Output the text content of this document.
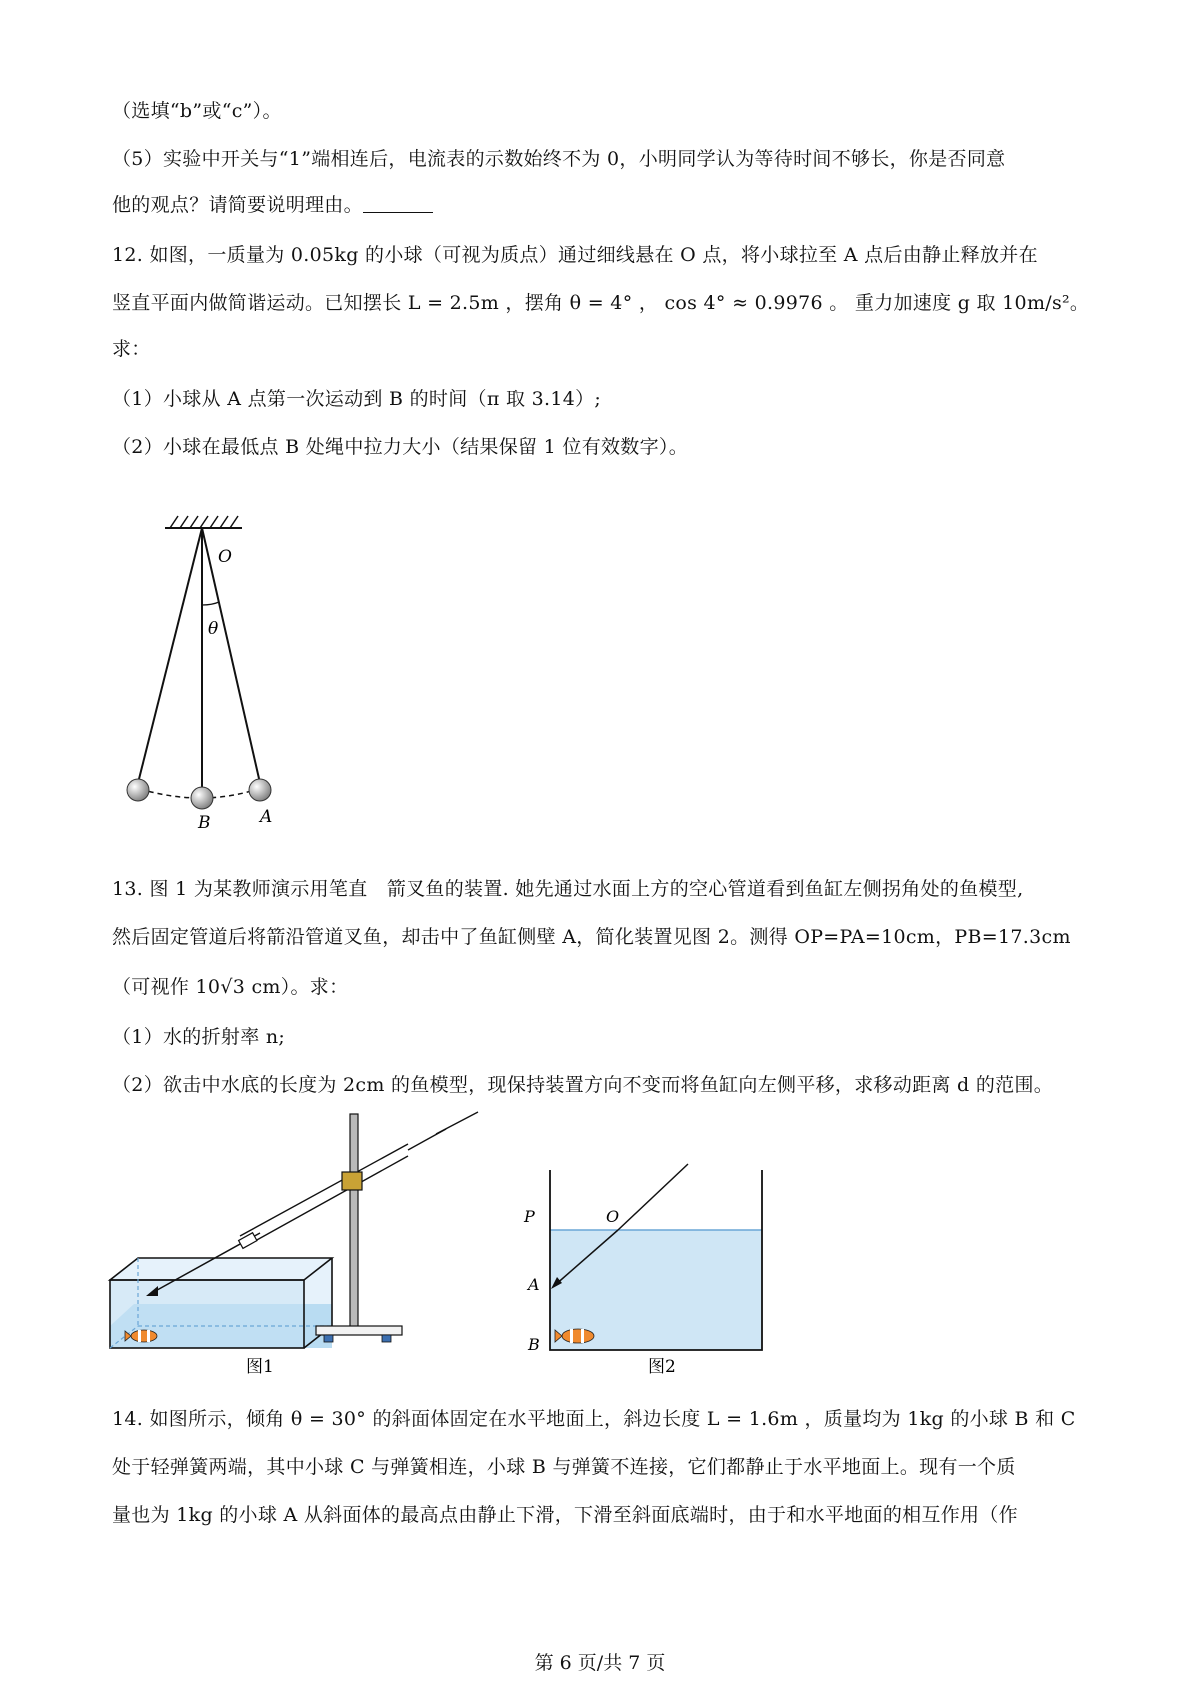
（选填“b”或“c”）。
（5）实验中开关与“1”端相连后，电流表的示数始终不为 0，小明同学认为等待时间不够长，你是否同意
他的观点？请简要说明理由。
12. 如图，一质量为 0.05kg 的小球（可视为质点）通过细线悬在 O 点，将小球拉至 A 点后由静止释放并在
竖直平面内做简谐运动。已知摆长 L = 2.5m ，摆角 θ = 4° ， cos 4° ≈ 0.9976 。 重力加速度 g 取 10m/s²。
求：
（1）小球从 A 点第一次运动到 B 的时间（π 取 3.14）;
（2）小球在最低点 B 处绳中拉力大小（结果保留 1 位有效数字）。
O
θ
A
B
13. 图 1 为某教师演示用笔直　箭叉鱼的装置. 她先通过水面上方的空心管道看到鱼缸左侧拐角处的鱼模型,
然后固定管道后将箭沿管道叉鱼，却击中了鱼缸侧壁 A，简化装置见图 2。测得 OP=PA=10cm，PB=17.3cm
（可视作 10√3 cm）。求：
（1）水的折射率 n;
（2）欲击中水底的长度为 2cm 的鱼模型，现保持装置方向不变而将鱼缸向左侧平移，求移动距离 d 的范围。
图1
P	O
A
B
图2
14. 如图所示，倾角 θ = 30° 的斜面体固定在水平地面上，斜边长度 L = 1.6m ，质量均为 1kg 的小球 B 和 C
处于轻弹簧两端，其中小球 C 与弹簧相连，小球 B 与弹簧不连接，它们都静止于水平地面上。现有一个质
量也为 1kg 的小球 A 从斜面体的最高点由静止下滑，下滑至斜面底端时，由于和水平地面的相互作用（作
第 6 页/共 7 页
